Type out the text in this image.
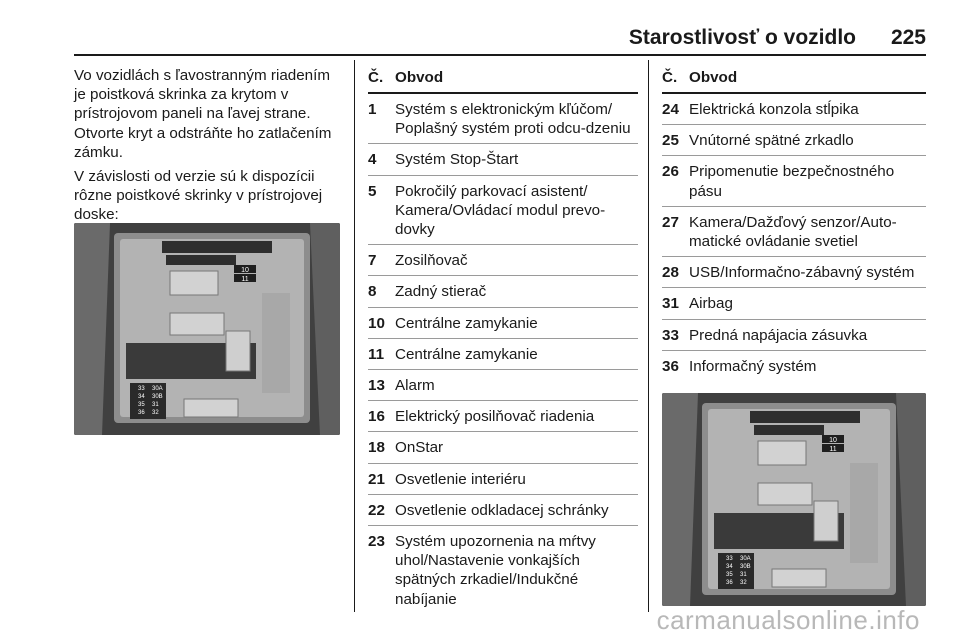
Starostlivosť o vozidlo 225

Vo vozidlách s ľavostranným riadením je poistková skrinka za krytom v prístrojovom paneli na ľavej strane. Otvorte kryt a odstráňte ho zatlačením zámku.

V závislosti od verzie sú k dispozícii rôzne poistkové skrinky v prístrojovej doske:

10
11
33
34
35
36
30A
30B
31
32
Č. Obvod
1 Systém s elektronickým kľúčom/ Poplašný systém proti odcu-dzeniu
4 Systém Stop-Štart
5 Pokročilý parkovací asistent/ Kamera/Ovládací modul prevo-dovky
7 Zosilňovač
8 Zadný stierač
10 Centrálne zamykanie
11 Centrálne zamykanie
13 Alarm
16 Elektrický posilňovač riadenia
18 OnStar
21 Osvetlenie interiéru
22 Osvetlenie odkladacej schránky
23 Systém upozornenia na mŕtvy uhol/Nastavenie vonkajších spätných zrkadiel/Indukčné nabíjanie
Č. Obvod
24 Elektrická konzola stĺpika
25 Vnútorné spätné zrkadlo
26 Pripomenutie bezpečnostného pásu
27 Kamera/Dažďový senzor/Auto-matické ovládanie svetiel
28 USB/Informačno-zábavný systém
31 Airbag
33 Predná napájacia zásuvka
36 Informačný systém
10
11
33
34
35
36
30A
30B
31
32
carmanualsonline.info
